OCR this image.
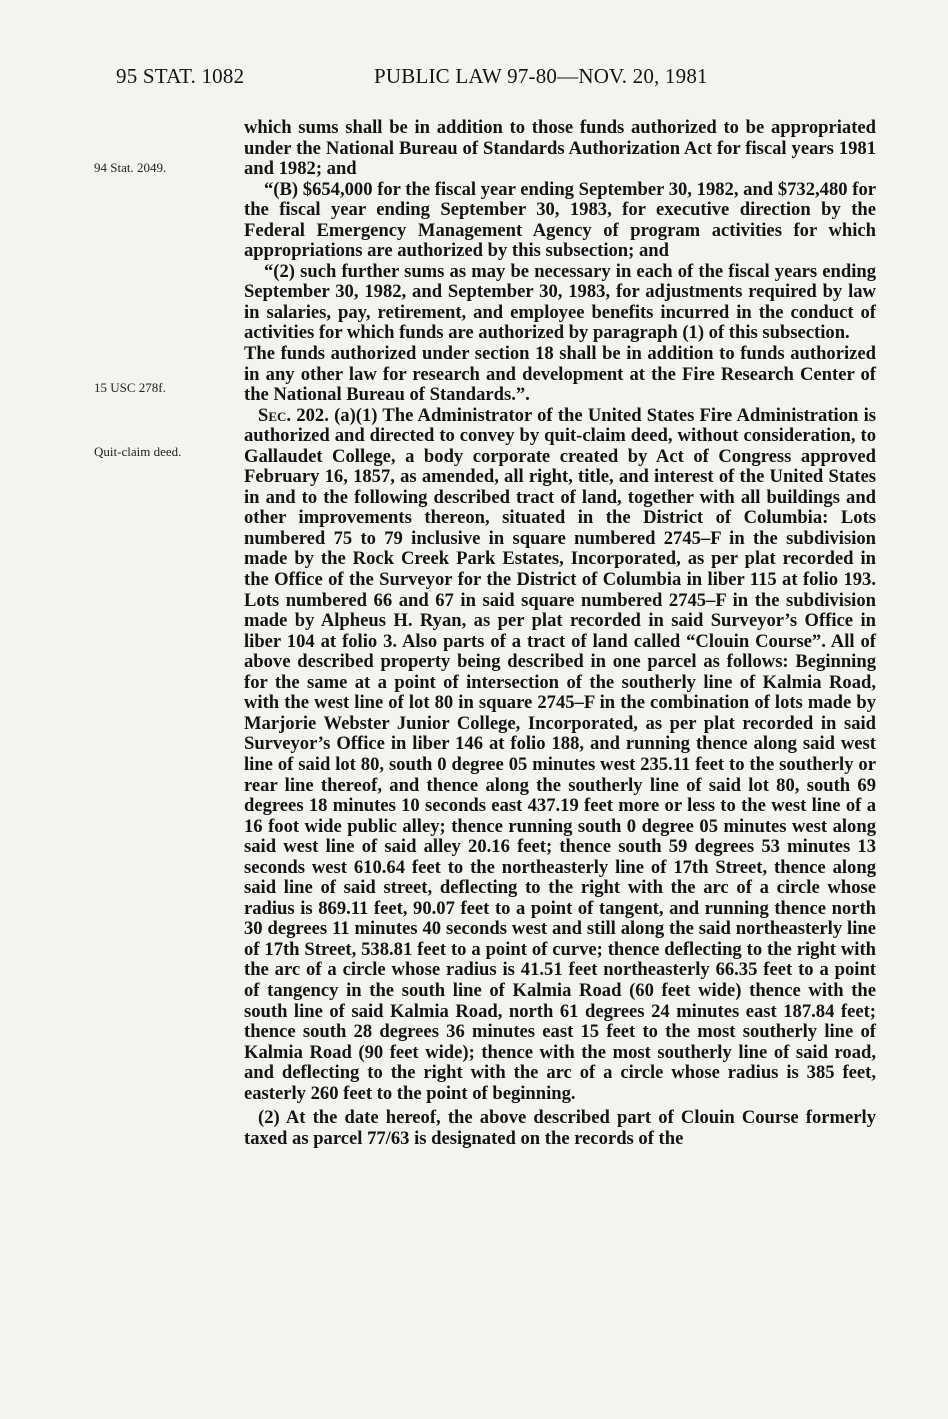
95 STAT. 1082	PUBLIC LAW 97-80—NOV. 20, 1981
94 Stat. 2049.
15 USC 278f.
Quit-claim deed.

which sums shall be in addition to those funds authorized to be appropriated under the National Bureau of Standards Authorization Act for fiscal years 1981 and 1982; and

“(B) $654,000 for the fiscal year ending September 30, 1982, and $732,480 for the fiscal year ending September 30, 1983, for executive direction by the Federal Emergency Management Agency of program activities for which appropriations are authorized by this subsection; and

“(2) such further sums as may be necessary in each of the fiscal years ending September 30, 1982, and September 30, 1983, for adjustments required by law in salaries, pay, retirement, and employee benefits incurred in the conduct of activities for which funds are authorized by paragraph (1) of this subsection.

The funds authorized under section 18 shall be in addition to funds authorized in any other law for research and development at the Fire Research Center of the National Bureau of Standards.”.

Sec. 202. (a)(1) The Administrator of the United States Fire Administration is authorized and directed to convey by quit-claim deed, without consideration, to Gallaudet College, a body corporate created by Act of Congress approved February 16, 1857, as amended, all right, title, and interest of the United States in and to the following described tract of land, together with all buildings and other improvements thereon, situated in the District of Columbia: Lots numbered 75 to 79 inclusive in square numbered 2745–F in the subdivision made by the Rock Creek Park Estates, Incorporated, as per plat recorded in the Office of the Surveyor for the District of Columbia in liber 115 at folio 193. Lots numbered 66 and 67 in said square numbered 2745–F in the subdivision made by Alpheus H. Ryan, as per plat recorded in said Surveyor’s Office in liber 104 at folio 3. Also parts of a tract of land called “Clouin Course”. All of above described property being described in one parcel as follows: Beginning for the same at a point of intersection of the southerly line of Kalmia Road, with the west line of lot 80 in square 2745–F in the combination of lots made by Marjorie Webster Junior College, Incorporated, as per plat recorded in said Surveyor’s Office in liber 146 at folio 188, and running thence along said west line of said lot 80, south 0 degree 05 minutes west 235.11 feet to the southerly or rear line thereof, and thence along the southerly line of said lot 80, south 69 degrees 18 minutes 10 seconds east 437.19 feet more or less to the west line of a 16 foot wide public alley; thence running south 0 degree 05 minutes west along said west line of said alley 20.16 feet; thence south 59 degrees 53 minutes 13 seconds west 610.64 feet to the northeasterly line of 17th Street, thence along said line of said street, deflecting to the right with the arc of a circle whose radius is 869.11 feet, 90.07 feet to a point of tangent, and running thence north 30 degrees 11 minutes 40 seconds west and still along the said northeasterly line of 17th Street, 538.81 feet to a point of curve; thence deflecting to the right with the arc of a circle whose radius is 41.51 feet northeasterly 66.35 feet to a point of tangency in the south line of Kalmia Road (60 feet wide) thence with the south line of said Kalmia Road, north 61 degrees 24 minutes east 187.84 feet; thence south 28 degrees 36 minutes east 15 feet to the most southerly line of Kalmia Road (90 feet wide); thence with the most southerly line of said road, and deflecting to the right with the arc of a circle whose radius is 385 feet, easterly 260 feet to the point of beginning.

(2) At the date hereof, the above described part of Clouin Course formerly taxed as parcel 77/63 is designated on the records of the
